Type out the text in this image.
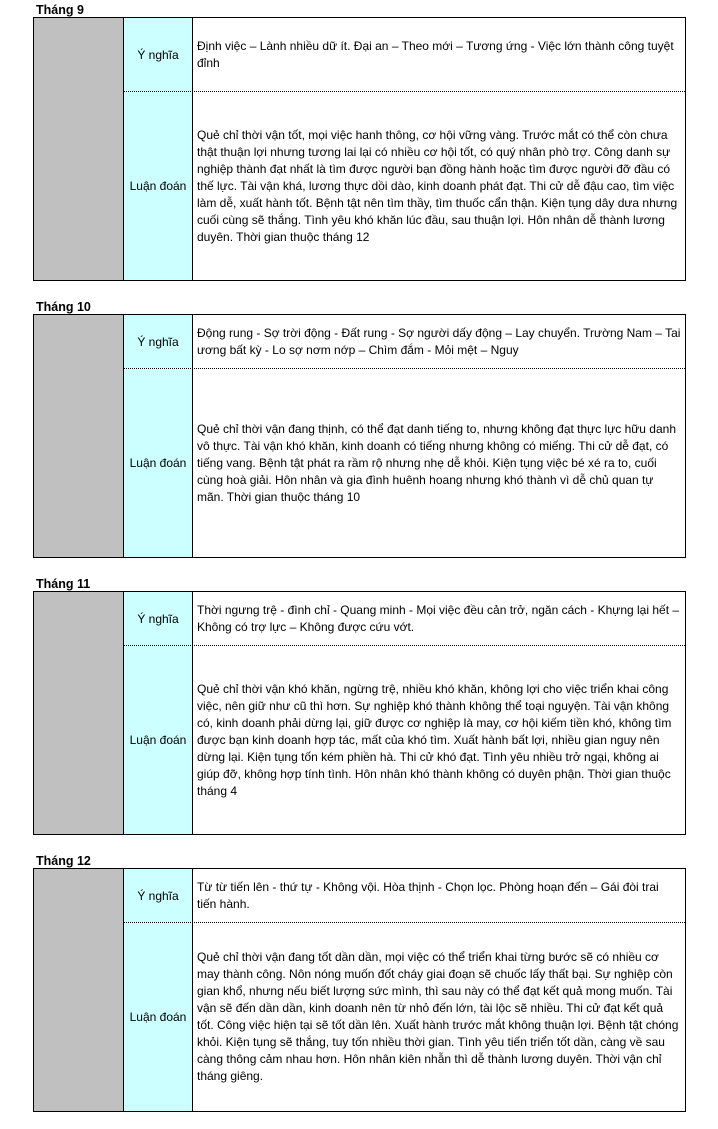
Tháng 9
Ý nghĩa
Định việc – Lành nhiều dữ ít. Đại an – Theo mới – Tương ứng - Việc lớn thành công tuyệt đỉnh
Luận đoán
Quẻ chỉ thời vận tốt, mọi việc hanh thông, cơ hội vững vàng. Trước mắt có thể còn chưa thật thuận lợi nhưng tương lai lại có nhiều cơ hội tốt, có quý nhân phò trợ. Công danh sự nghiệp thành đạt nhất là tìm được người bạn đồng hành hoặc tìm được người đỡ đầu có thế lực. Tài vận khá, lương thực dồi dào, kinh doanh phát đạt. Thi cử dễ đậu cao, tìm việc làm dễ, xuất hành tốt. Bệnh tật nên tìm thầy, tìm thuốc cẩn thận. Kiện tụng dây dưa nhưng cuối cùng sẽ thắng. Tình yêu khó khăn lúc đầu, sau thuận lợi. Hôn nhân dễ thành lương duyên. Thời gian thuộc tháng 12
Tháng 10
Ý nghĩa
Động rung - Sợ trời động - Đất rung - Sợ người dấy động – Lay chuyển. Trường Nam – Tai ương bất kỳ - Lo sợ nơm nớp – Chìm đắm - Mỏi mệt – Nguy
Luận đoán
Quẻ chỉ thời vận đang thịnh, có thể đạt danh tiếng to, nhưng không đạt thực lực hữu danh vô thực. Tài vận khó khăn, kinh doanh có tiếng nhưng không có miếng. Thi cử dễ đạt, có tiếng vang. Bệnh tật phát ra rầm rộ nhưng nhẹ dễ khỏi. Kiện tụng việc bé xé ra to, cuối cùng hoà giải. Hôn nhân và gia đình huênh hoang nhưng khó thành vì dễ chủ quan tự mãn. Thời gian thuộc tháng 10
Tháng 11
Ý nghĩa
Thời ngưng trệ - đình chỉ - Quang minh - Mọi việc đều cản trở, ngăn cách - Khựng lại hết – Không có trợ lực – Không được cứu vớt.
Luận đoán
Quẻ chỉ thời vận khó khăn, ngừng trệ, nhiều khó khăn, không lợi cho việc triển khai công việc, nên giữ như cũ thì hơn. Sự nghiệp khó thành không thể toại nguyện. Tài vận không có, kinh doanh phải dừng lại, giữ được cơ nghiệp là may, cơ hội kiếm tiền khó, không tìm được bạn kinh doanh hợp tác, mất của khó tìm. Xuất hành bất lợi, nhiều gian nguy nên dừng lại. Kiện tụng tốn kém phiền hà. Thi cử khó đạt. Tình yêu nhiều trở ngại, không ai giúp đỡ, không hợp tính tình. Hôn nhân khó thành không có duyên phận. Thời gian thuộc tháng 4
Tháng 12
Ý nghĩa
Từ từ tiến lên - thứ tự - Không vội. Hòa thịnh - Chọn lọc. Phòng hoạn đến – Gái đòi trai tiến hành.
Luận đoán
Quẻ chỉ thời vận đang tốt dần dần, mọi việc có thể triển khai từng bước sẽ có nhiều cơ may thành công. Nôn nóng muốn đốt cháy giai đoạn sẽ chuốc lấy thất bại. Sự nghiệp còn gian khổ, nhưng nếu biết lượng sức mình, thì sau này có thể đạt kết quả mong muốn. Tài vận sẽ đến dần dần, kinh doanh nên từ nhỏ đến lớn, tài lộc sẽ nhiều. Thi cử đạt kết quả tốt. Công việc hiện tại sẽ tốt dần lên. Xuất hành trước mắt không thuận lợi. Bệnh tật chóng khỏi. Kiện tụng sẽ thắng, tuy tốn nhiều thời gian. Tình yêu tiến triển tốt dần, càng về sau càng thông cảm nhau hơn. Hôn nhân kiên nhẫn thì dễ thành lương duyên. Thời vận chỉ tháng giêng.
